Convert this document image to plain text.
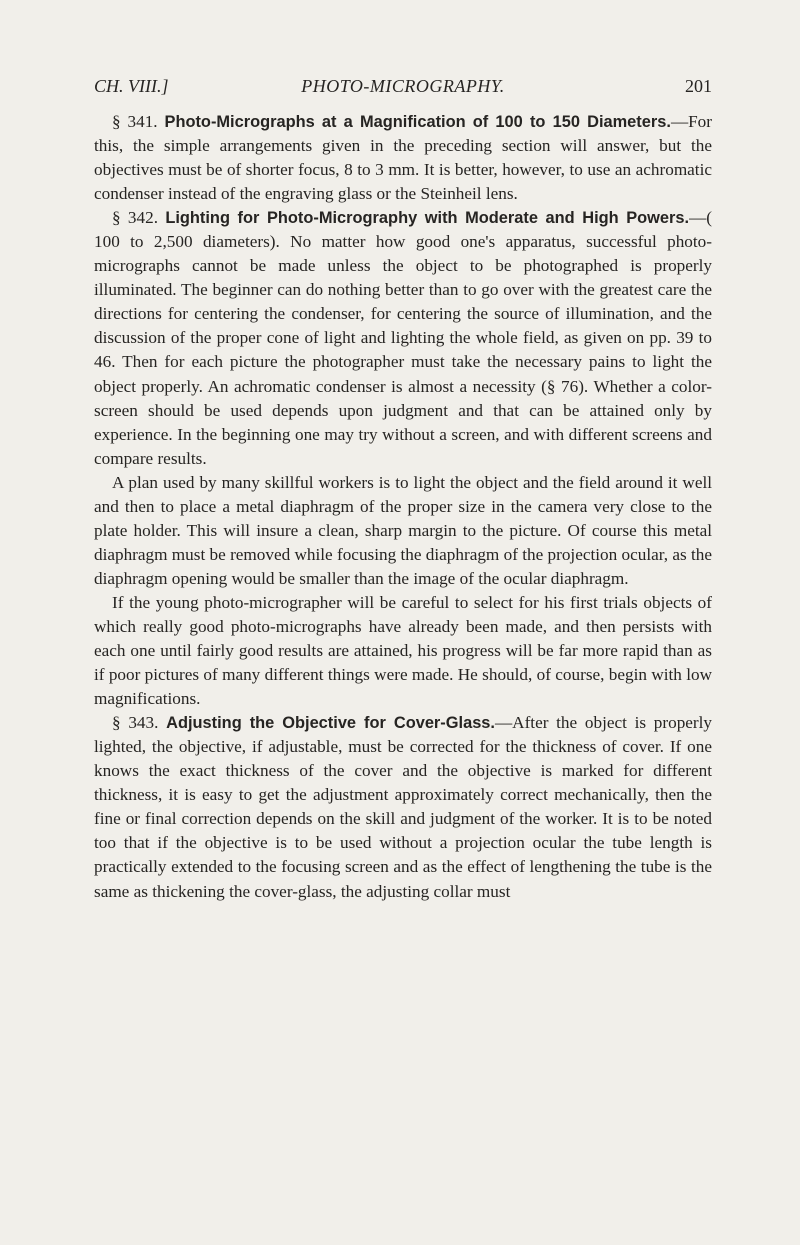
CH. VIII.]	PHOTO-MICROGRAPHY.	201

§ 341. Photo-Micrographs at a Magnification of 100 to 150 Diameters.—For this, the simple arrangements given in the preceding section will answer, but the objectives must be of shorter focus, 8 to 3 mm. It is better, however, to use an achromatic condenser instead of the engraving glass or the Steinheil lens.

§ 342. Lighting for Photo-Micrography with Moderate and High Powers.—( 100 to 2,500 diameters). No matter how good one's apparatus, successful photo-micrographs cannot be made unless the object to be photographed is properly illuminated. The beginner can do nothing better than to go over with the greatest care the directions for centering the condenser, for centering the source of illumination, and the discussion of the proper cone of light and lighting the whole field, as given on pp. 39 to 46. Then for each picture the photographer must take the necessary pains to light the object properly. An achromatic condenser is almost a necessity (§ 76). Whether a color-screen should be used depends upon judgment and that can be attained only by experience. In the beginning one may try without a screen, and with different screens and compare results.

A plan used by many skillful workers is to light the object and the field around it well and then to place a metal diaphragm of the proper size in the camera very close to the plate holder. This will insure a clean, sharp margin to the picture. Of course this metal diaphragm must be removed while focusing the diaphragm of the projection ocular, as the diaphragm opening would be smaller than the image of the ocular diaphragm.

If the young photo-micrographer will be careful to select for his first trials objects of which really good photo-micrographs have already been made, and then persists with each one until fairly good results are attained, his progress will be far more rapid than as if poor pictures of many different things were made. He should, of course, begin with low magnifications.

§ 343. Adjusting the Objective for Cover-Glass.—After the object is properly lighted, the objective, if adjustable, must be corrected for the thickness of cover. If one knows the exact thickness of the cover and the objective is marked for different thickness, it is easy to get the adjustment approximately correct mechanically, then the fine or final correction depends on the skill and judgment of the worker. It is to be noted too that if the objective is to be used without a projection ocular the tube length is practically extended to the focusing screen and as the effect of lengthening the tube is the same as thickening the cover-glass, the adjusting collar must
